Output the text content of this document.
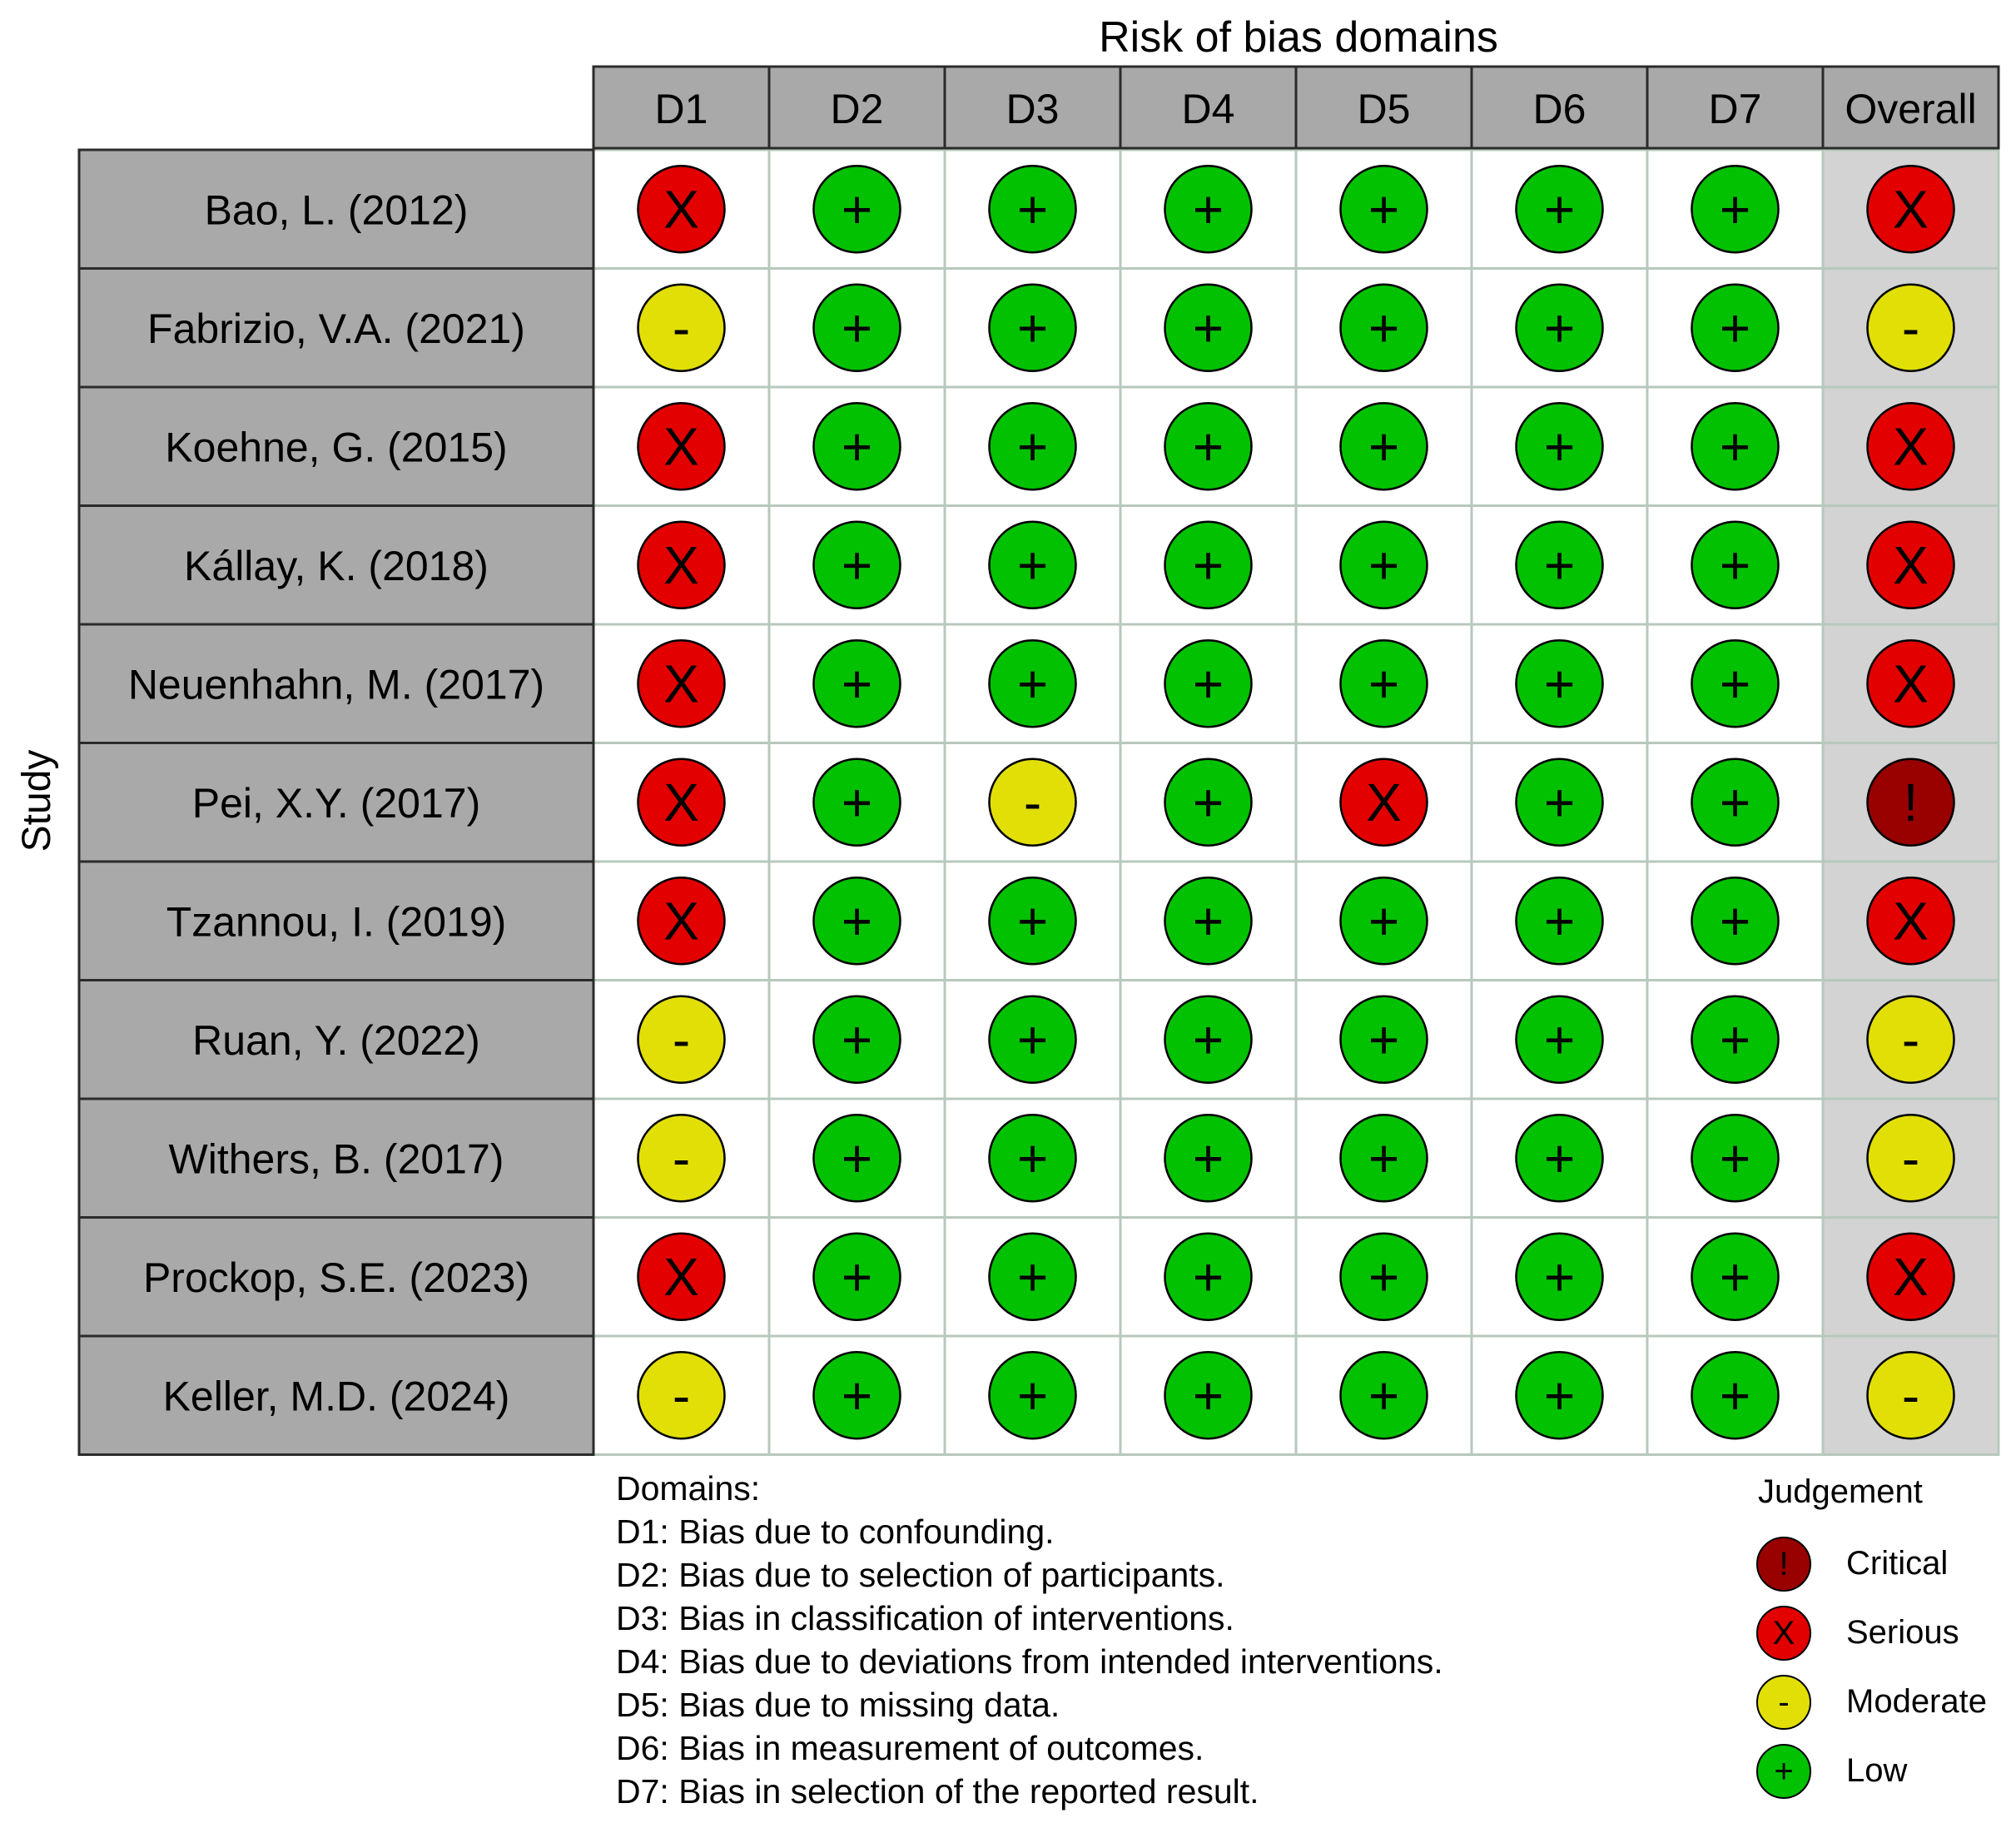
Risk of bias domains
Study
D1	D2	D3	D4	D5	D6	D7 Overall
Bao, L. (2012)	X	+	+	+	+	+	+	X
Fabrizio, V.A. (2021)	-	+	+	+	+	+	+	-
Koehne, G. (2015)	X	+	+	+	+	+	+	X
Kállay, K. (2018)	X	+	+	+	+	+	+	X
Neuenhahn, M. (2017) X	+	+	+	+	+	+	X
Pei, X.Y. (2017)	X	+	-	+	X	+	+	!
Tzannou, I. (2019)	X	+	+	+	+	+	+	X
Ruan, Y. (2022)	-	+	+	+	+	+	+	-
Withers, B. (2017)	-	+	+	+	+	+	+	-
Prockop, S.E. (2023)	X	+	+	+	+	+	+	X
Keller, M.D. (2024)	-	+	+	+	+	+	+	-
Domains:
D1: Bias due to confounding.
D2: Bias due to selection of participants.
D3: Bias in classification of interventions.
D4: Bias due to deviations from intended interventions.
D5: Bias due to missing data.
D6: Bias in measurement of outcomes.
D7: Bias in selection of the reported result.
Judgement
!	Critical
X	Serious
-	Moderate
+	Low
